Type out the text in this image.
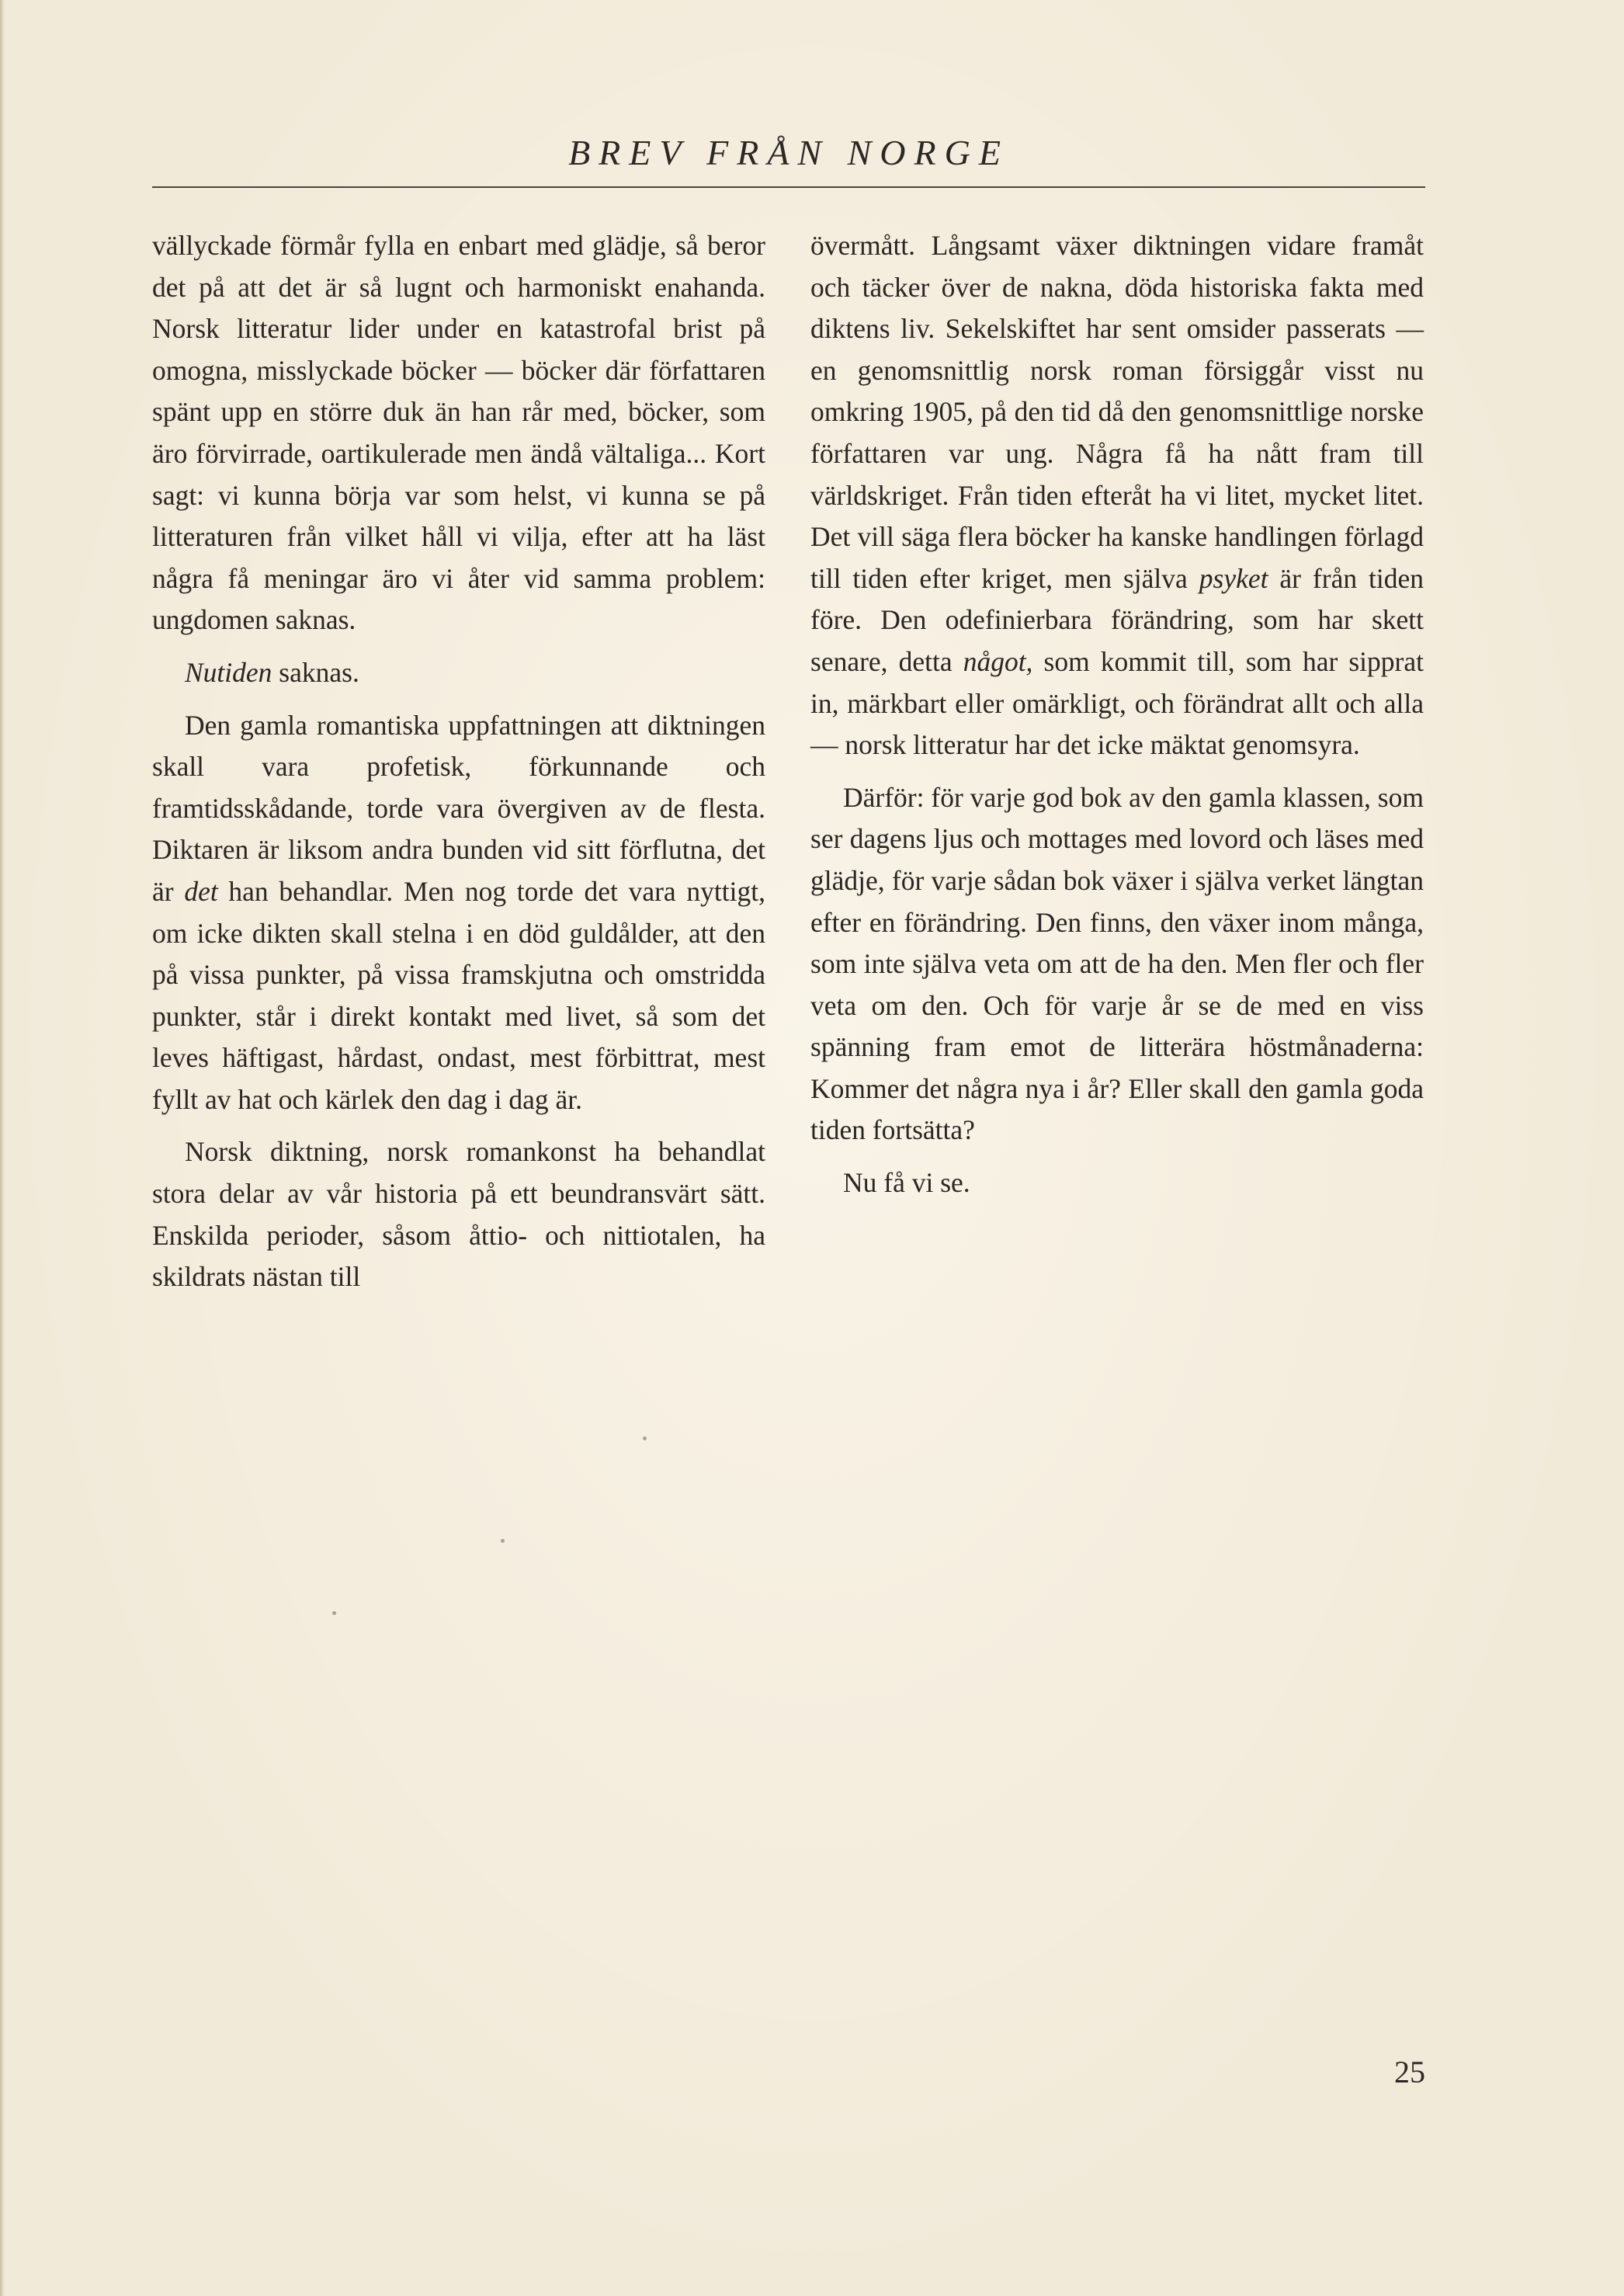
BREV FRÅN NORGE

vällyckade förmår fylla en enbart med glädje, så beror det på att det är så lugnt och harmoniskt enahanda. Norsk litteratur lider under en katastrofal brist på omogna, misslyckade böcker — böcker där författaren spänt upp en större duk än han rår med, böcker, som äro förvirrade, oartikulerade men ändå vältaliga... Kort sagt: vi kunna börja var som helst, vi kunna se på litteraturen från vilket håll vi vilja, efter att ha läst några få meningar äro vi åter vid samma problem: ungdomen saknas.

Nutiden saknas.

Den gamla romantiska uppfattningen att diktningen skall vara profetisk, förkunnande och framtidsskådande, torde vara övergiven av de flesta. Diktaren är liksom andra bunden vid sitt förflutna, det är det han behandlar. Men nog torde det vara nyttigt, om icke dikten skall stelna i en död guldålder, att den på vissa punkter, på vissa framskjutna och omstridda punkter, står i direkt kontakt med livet, så som det leves häftigast, hårdast, ondast, mest förbittrat, mest fyllt av hat och kärlek den dag i dag är.

Norsk diktning, norsk romankonst ha behandlat stora delar av vår historia på ett beundransvärt sätt. Enskilda perioder, såsom åttio- och nittiotalen, ha skildrats nästan till

övermått. Långsamt växer diktningen vidare framåt och täcker över de nakna, döda historiska fakta med diktens liv. Sekelskiftet har sent omsider passerats — en genomsnittlig norsk roman försiggår visst nu omkring 1905, på den tid då den genomsnittlige norske författaren var ung. Några få ha nått fram till världskriget. Från tiden efteråt ha vi litet, mycket litet. Det vill säga flera böcker ha kanske handlingen förlagd till tiden efter kriget, men själva psyket är från tiden före. Den odefinierbara förändring, som har skett senare, detta något, som kommit till, som har sipprat in, märkbart eller omärkligt, och förändrat allt och alla — norsk litteratur har det icke mäktat genomsyra.

Därför: för varje god bok av den gamla klassen, som ser dagens ljus och mottages med lovord och läses med glädje, för varje sådan bok växer i själva verket längtan efter en förändring. Den finns, den växer inom många, som inte själva veta om att de ha den. Men fler och fler veta om den. Och för varje år se de med en viss spänning fram emot de litterära höstmånaderna: Kommer det några nya i år? Eller skall den gamla goda tiden fortsätta?

Nu få vi se.

25
